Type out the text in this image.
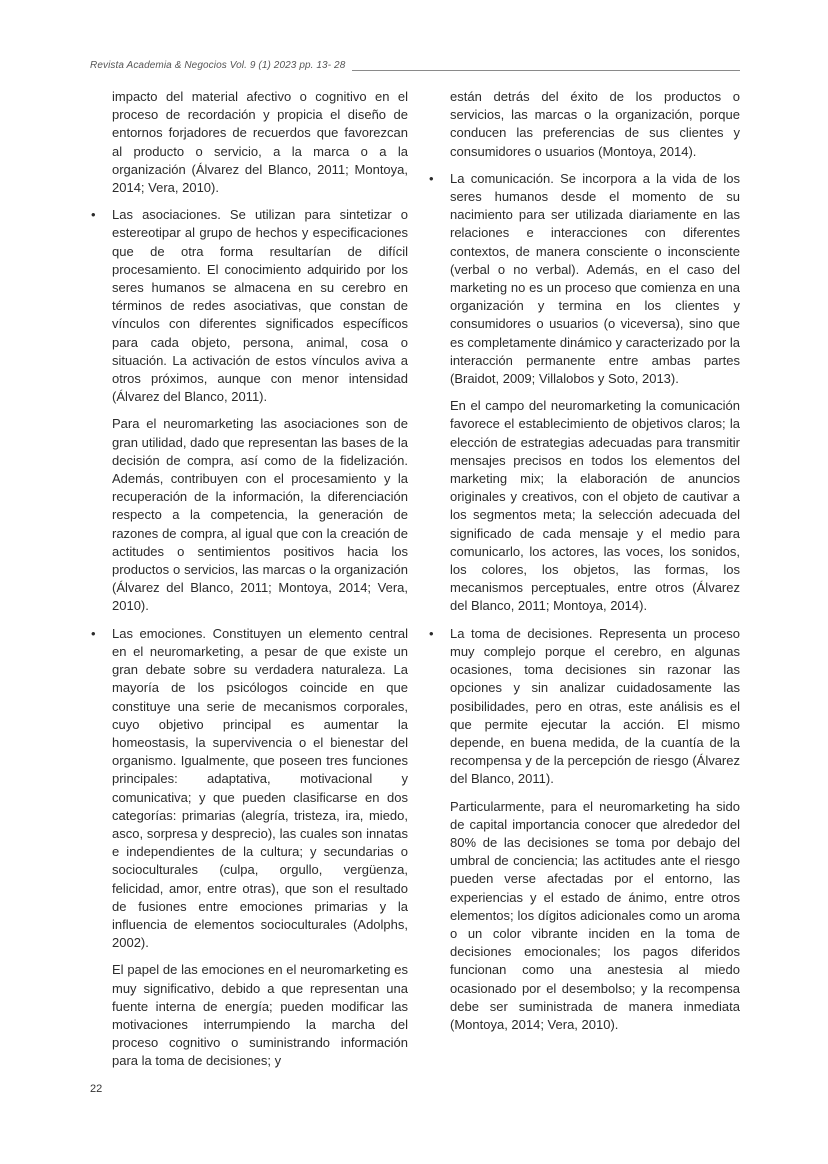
Revista Academia & Negocios Vol. 9 (1) 2023 pp. 13- 28

impacto del material afectivo o cognitivo en el proceso de recordación y propicia el diseño de entornos forjadores de recuerdos que favorezcan al producto o servicio, a la marca o a la organización (Álvarez del Blanco, 2011; Montoya, 2014; Vera, 2010).

• Las asociaciones. Se utilizan para sintetizar o estereotipar al grupo de hechos y especificaciones que de otra forma resultarían de difícil procesamiento. El conocimiento adquirido por los seres humanos se almacena en su cerebro en términos de redes asociativas, que constan de vínculos con diferentes significados específicos para cada objeto, persona, animal, cosa o situación. La activación de estos vínculos aviva a otros próximos, aunque con menor intensidad (Álvarez del Blanco, 2011).

Para el neuromarketing las asociaciones son de gran utilidad, dado que representan las bases de la decisión de compra, así como de la fidelización. Además, contribuyen con el procesamiento y la recuperación de la información, la diferenciación respecto a la competencia, la generación de razones de compra, al igual que con la creación de actitudes o sentimientos positivos hacia los productos o servicios, las marcas o la organización (Álvarez del Blanco, 2011; Montoya, 2014; Vera, 2010).

• Las emociones. Constituyen un elemento central en el neuromarketing, a pesar de que existe un gran debate sobre su verdadera naturaleza. La mayoría de los psicólogos coincide en que constituye una serie de mecanismos corporales, cuyo objetivo principal es aumentar la homeostasis, la supervivencia o el bienestar del organismo. Igualmente, que poseen tres funciones principales: adaptativa, motivacional y comunicativa; y que pueden clasificarse en dos categorías: primarias (alegría, tristeza, ira, miedo, asco, sorpresa y desprecio), las cuales son innatas e independientes de la cultura; y secundarias o socioculturales (culpa, orgullo, vergüenza, felicidad, amor, entre otras), que son el resultado de fusiones entre emociones primarias y la influencia de elementos socioculturales (Adolphs, 2002).

El papel de las emociones en el neuromarketing es muy significativo, debido a que representan una fuente interna de energía; pueden modificar las motivaciones interrumpiendo la marcha del proceso cognitivo o suministrando información para la toma de decisiones; y

están detrás del éxito de los productos o servicios, las marcas o la organización, porque conducen las preferencias de sus clientes y consumidores o usuarios (Montoya, 2014).

• La comunicación. Se incorpora a la vida de los seres humanos desde el momento de su nacimiento para ser utilizada diariamente en las relaciones e interacciones con diferentes contextos, de manera consciente o inconsciente (verbal o no verbal). Además, en el caso del marketing no es un proceso que comienza en una organización y termina en los clientes y consumidores o usuarios (o viceversa), sino que es completamente dinámico y caracterizado por la interacción permanente entre ambas partes (Braidot, 2009; Villalobos y Soto, 2013).

En el campo del neuromarketing la comunicación favorece el establecimiento de objetivos claros; la elección de estrategias adecuadas para transmitir mensajes precisos en todos los elementos del marketing mix; la elaboración de anuncios originales y creativos, con el objeto de cautivar a los segmentos meta; la selección adecuada del significado de cada mensaje y el medio para comunicarlo, los actores, las voces, los sonidos, los colores, los objetos, las formas, los mecanismos perceptuales, entre otros (Álvarez del Blanco, 2011; Montoya, 2014).

• La toma de decisiones. Representa un proceso muy complejo porque el cerebro, en algunas ocasiones, toma decisiones sin razonar las opciones y sin analizar cuidadosamente las posibilidades, pero en otras, este análisis es el que permite ejecutar la acción. El mismo depende, en buena medida, de la cuantía de la recompensa y de la percepción de riesgo (Álvarez del Blanco, 2011).

Particularmente, para el neuromarketing ha sido de capital importancia conocer que alrededor del 80% de las decisiones se toma por debajo del umbral de conciencia; las actitudes ante el riesgo pueden verse afectadas por el entorno, las experiencias y el estado de ánimo, entre otros elementos; los dígitos adicionales como un aroma o un color vibrante inciden en la toma de decisiones emocionales; los pagos diferidos funcionan como una anestesia al miedo ocasionado por el desembolso; y la recompensa debe ser suministrada de manera inmediata (Montoya, 2014; Vera, 2010).

22
